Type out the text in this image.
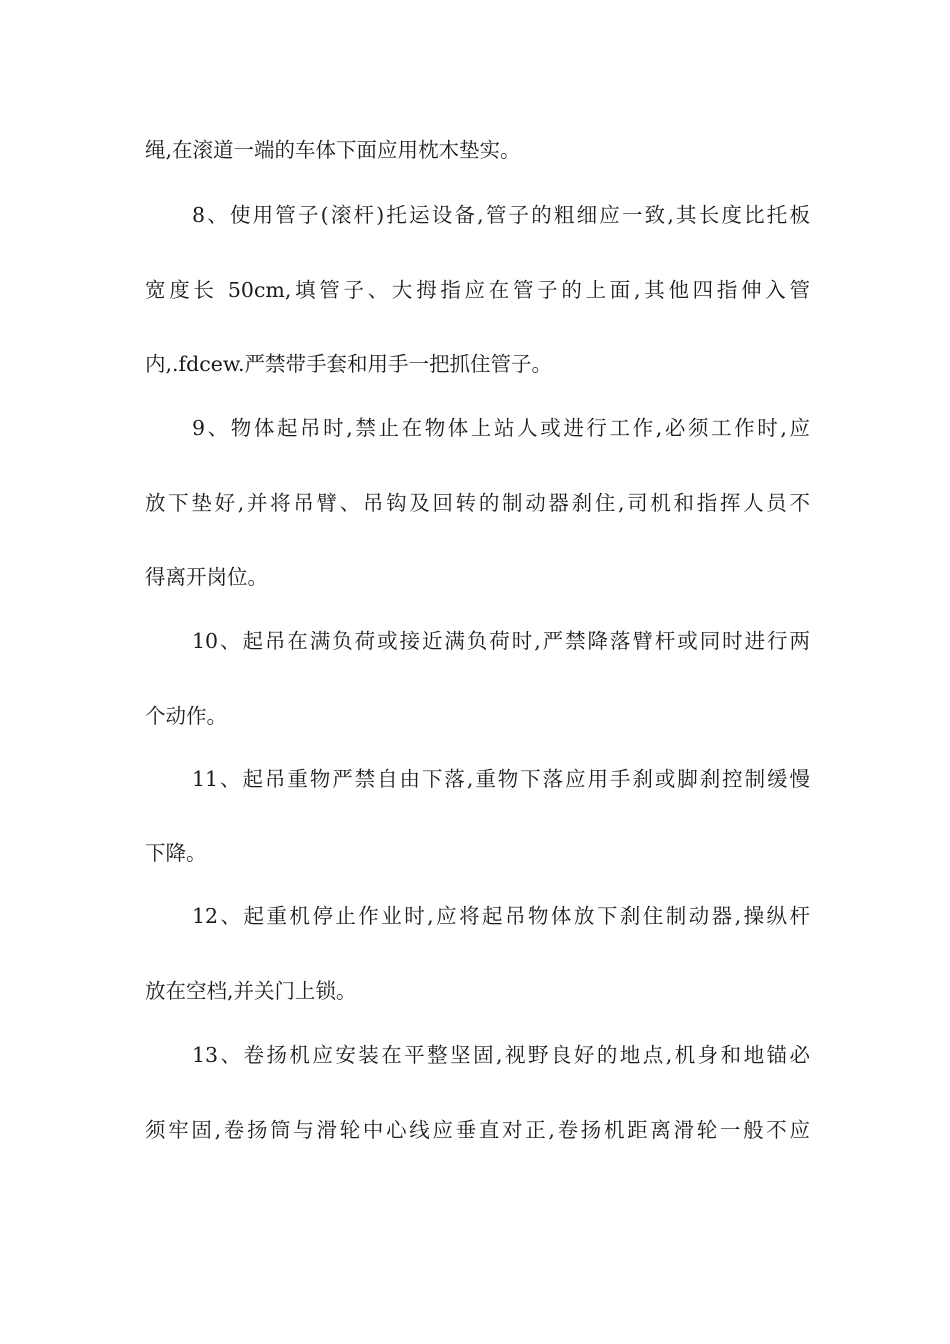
绳,在滚道一端的车体下面应用枕木垫实。
8、使用管子(滚杆)托运设备,管子的粗细应一致,其长度比托板
宽度长 50cm,填管子、大拇指应在管子的上面,其他四指伸入管
内,.fdcew.严禁带手套和用手一把抓住管子。
9、物体起吊时,禁止在物体上站人或进行工作,必须工作时,应
放下垫好,并将吊臂、吊钩及回转的制动器刹住,司机和指挥人员不
得离开岗位。
10、起吊在满负荷或接近满负荷时,严禁降落臂杆或同时进行两
个动作。
11、起吊重物严禁自由下落,重物下落应用手刹或脚刹控制缓慢
下降。
12、起重机停止作业时,应将起吊物体放下刹住制动器,操纵杆
放在空档,并关门上锁。
13、卷扬机应安装在平整坚固,视野良好的地点,机身和地锚必
须牢固,卷扬筒与滑轮中心线应垂直对正,卷扬机距离滑轮一般不应
